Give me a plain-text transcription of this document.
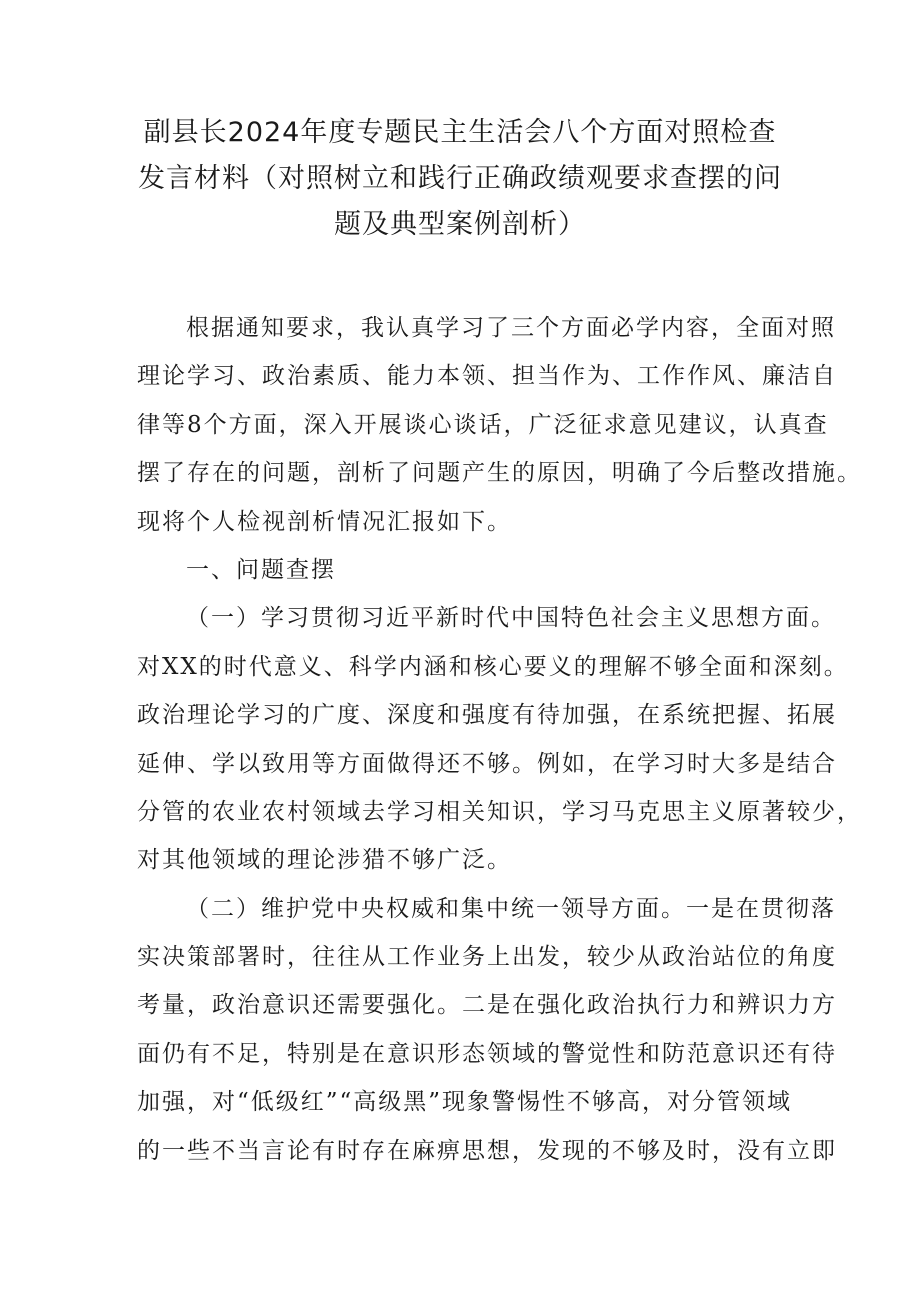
副县长2024年度专题民主生活会八个方面对照检查
发言材料（对照树立和践行正确政绩观要求查摆的问
题及典型案例剖析）
根据通知要求，我认真学习了三个方面必学内容，全面对照
理论学习、政治素质、能力本领、担当作为、工作作风、廉洁自
律等8个方面，深入开展谈心谈话，广泛征求意见建议，认真查
摆了存在的问题，剖析了问题产生的原因，明确了今后整改措施。
现将个人检视剖析情况汇报如下。
一、问题查摆
（一）学习贯彻习近平新时代中国特色社会主义思想方面。
对XX的时代意义、科学内涵和核心要义的理解不够全面和深刻。
政治理论学习的广度、深度和强度有待加强，在系统把握、拓展
延伸、学以致用等方面做得还不够。例如，在学习时大多是结合
分管的农业农村领域去学习相关知识，学习马克思主义原著较少，
对其他领域的理论涉猎不够广泛。
（二）维护党中央权威和集中统一领导方面。一是在贯彻落
实决策部署时，往往从工作业务上出发，较少从政治站位的角度
考量，政治意识还需要强化。二是在强化政治执行力和辨识力方
面仍有不足，特别是在意识形态领域的警觉性和防范意识还有待
加强，对“低级红”“高级黑”现象警惕性不够高，对分管领域
的一些不当言论有时存在麻痹思想，发现的不够及时，没有立即
